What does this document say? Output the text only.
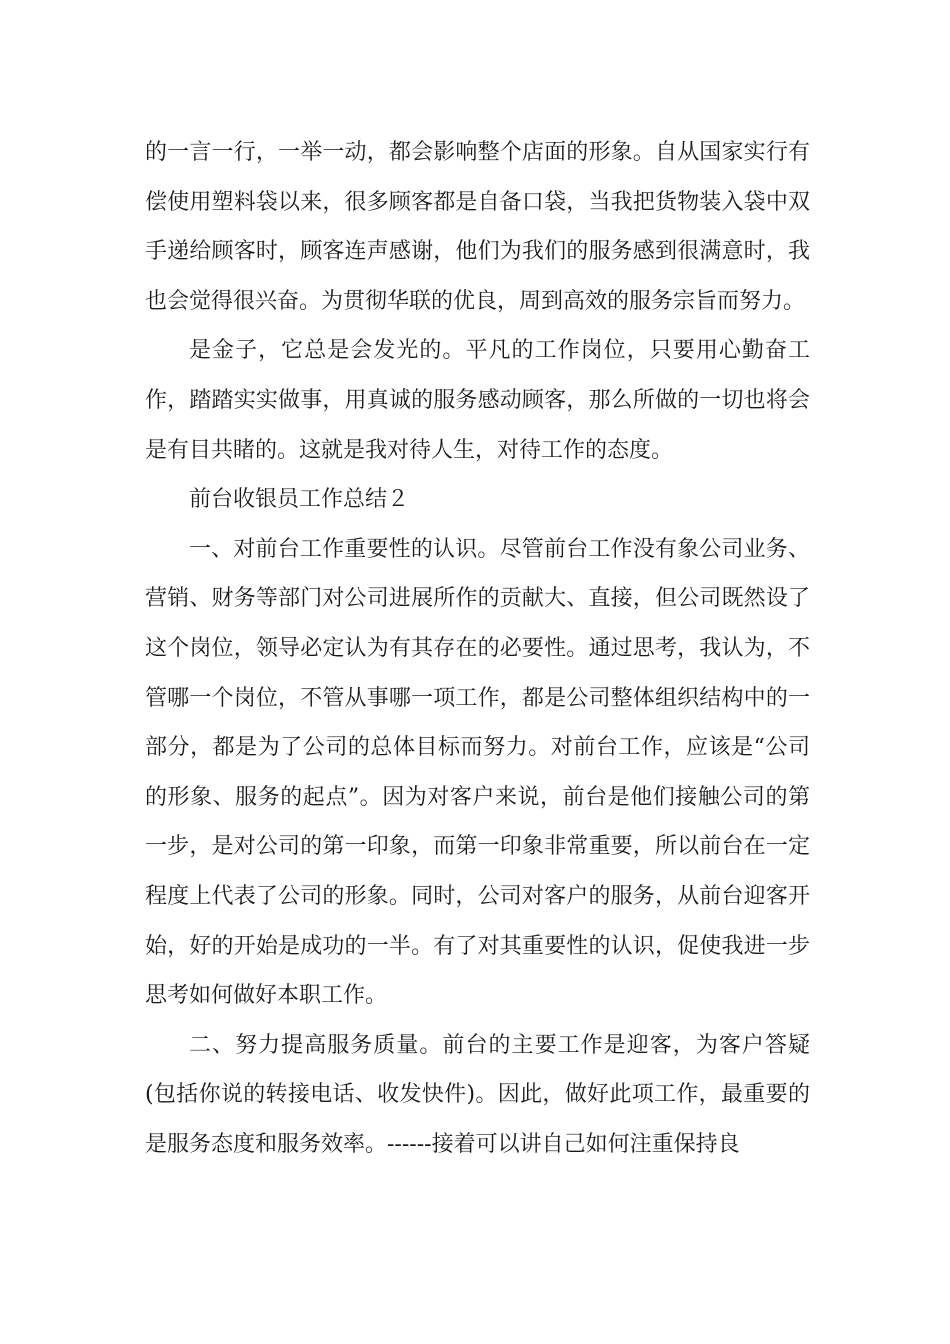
的一言一行，一举一动，都会影响整个店面的形象。自从国家实行有偿使用塑料袋以来，很多顾客都是自备口袋，当我把货物装入袋中双手递给顾客时，顾客连声感谢，他们为我们的服务感到很满意时，我也会觉得很兴奋。为贯彻华联的优良，周到高效的服务宗旨而努力。

是金子，它总是会发光的。平凡的工作岗位，只要用心勤奋工作，踏踏实实做事，用真诚的服务感动顾客，那么所做的一切也将会是有目共睹的。这就是我对待人生，对待工作的态度。

前台收银员工作总结２

一、对前台工作重要性的认识。尽管前台工作没有象公司业务、营销、财务等部门对公司进展所作的贡献大、直接，但公司既然设了这个岗位，领导必定认为有其存在的必要性。通过思考，我认为，不管哪一个岗位，不管从事哪一项工作，都是公司整体组织结构中的一部分，都是为了公司的总体目标而努力。对前台工作，应该是“公司的形象、服务的起点”。因为对客户来说，前台是他们接触公司的第一步，是对公司的第一印象，而第一印象非常重要，所以前台在一定程度上代表了公司的形象。同时，公司对客户的服务，从前台迎客开始，好的开始是成功的一半。有了对其重要性的认识，促使我进一步思考如何做好本职工作。

二、努力提高服务质量。前台的主要工作是迎客，为客户答疑(包括你说的转接电话、收发快件)。因此，做好此项工作，最重要的是服务态度和服务效率。------接着可以讲自己如何注重保持良
